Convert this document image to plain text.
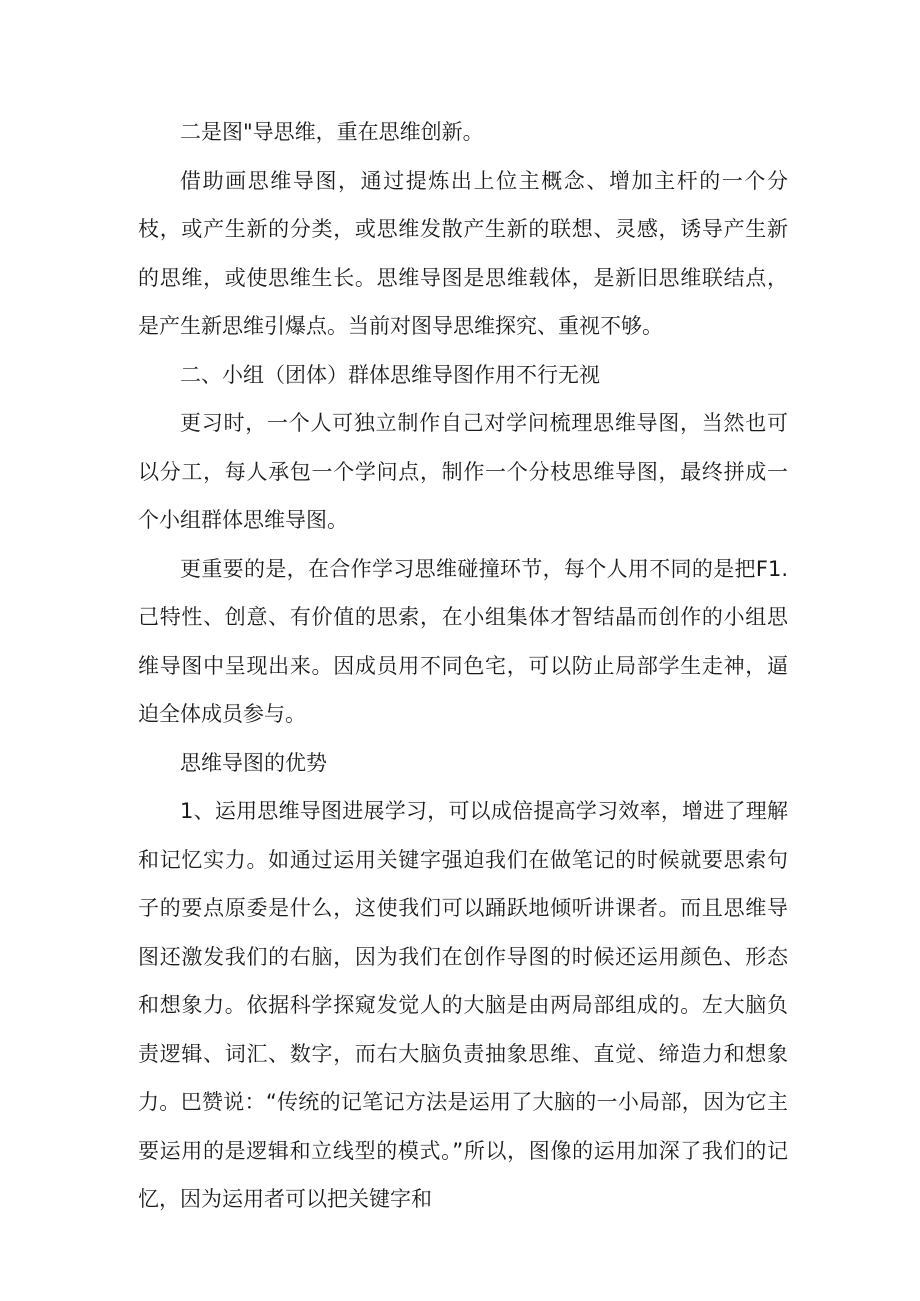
二是图"导思维，重在思维创新。

借助画思维导图，通过提炼出上位主概念、增加主杆的一个分枝，或产生新的分类，或思维发散产生新的联想、灵感，诱导产生新的思维，或使思维生长。思维导图是思维载体，是新旧思维联结点，是产生新思维引爆点。当前对图导思维探究、重视不够。

二、小组（团体）群体思维导图作用不行无视

更习时，一个人可独立制作自己对学问梳理思维导图，当然也可以分工，每人承包一个学问点，制作一个分枝思维导图，最终拼成一个小组群体思维导图。

更重要的是，在合作学习思维碰撞环节，每个人用不同的是把F1.己特性、创意、有价值的思索，在小组集体才智结晶而创作的小组思维导图中呈现出来。因成员用不同色宅，可以防止局部学生走神，逼迫全体成员参与。

思维导图的优势

1、运用思维导图进展学习，可以成倍提高学习效率，增进了理解和记忆实力。如通过运用关键字强迫我们在做笔记的时候就要思索句子的要点原委是什么，这使我们可以踊跃地倾听讲课者。而且思维导图还激发我们的右脑，因为我们在创作导图的时候还运用颜色、形态和想象力。依据科学探窥发觉人的大脑是由两局部组成的。左大脑负责逻辑、词汇、数字，而右大脑负责抽象思维、直觉、缔造力和想象力。巴赞说：“传统的记笔记方法是运用了大脑的一小局部，因为它主要运用的是逻辑和立线型的模式。”所以，图像的运用加深了我们的记忆，因为运用者可以把关键字和
